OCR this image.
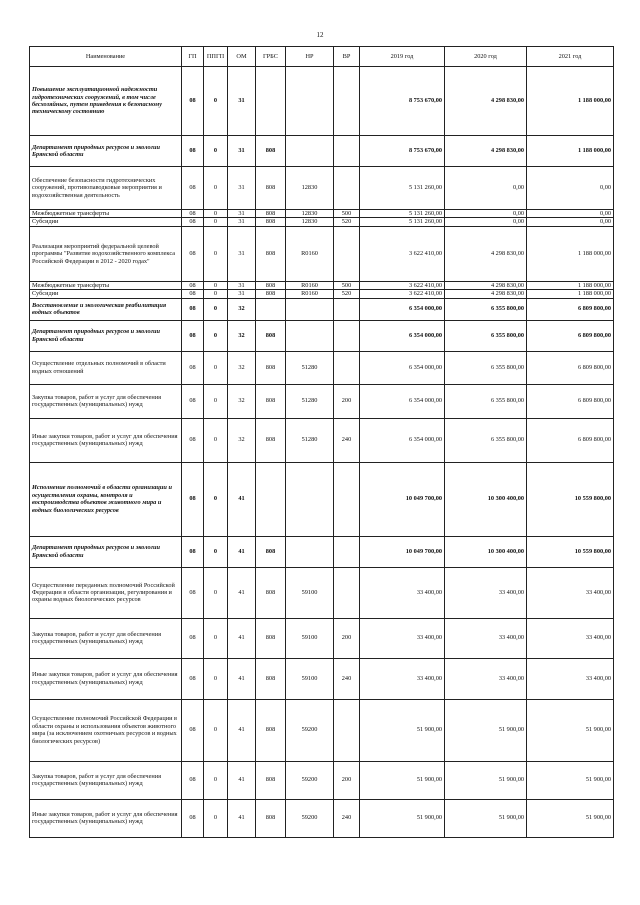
12
Наименование	ГП	ППГП	ОМ	ГРБС	НР	ВР	2019 год	2020 год	2021 год
Повышение эксплуатационной надежности гидротехнических сооружений, в том числе бесхозяйных, путем приведения к безопасному техническому состоянию	08	0	31				8 753 670,00	4 298 830,00	1 188 000,00
Департамент природных ресурсов и экологии Брянской области	08	0	31	808			8 753 670,00	4 298 830,00	1 188 000,00
Обеспечение безопасности гидротехнических сооружений, противопаводковые мероприятия и водохозяйственная деятельность	08	0	31	808	12830		5 131 260,00	0,00	0,00
Межбюджетные трансферты	08	0	31	808	12830	500	5 131 260,00	0,00	0,00
Субсидии	08	0	31	808	12830	520	5 131 260,00	0,00	0,00
Реализация мероприятий федеральной целевой программы "Развитие водохозяйственного комплекса Российской Федерации в 2012 - 2020 годах"	08	0	31	808	R0160		3 622 410,00	4 298 830,00	1 188 000,00
Межбюджетные трансферты	08	0	31	808	R0160	500	3 622 410,00	4 298 830,00	1 188 000,00
Субсидии	08	0	31	808	R0160	520	3 622 410,00	4 298 830,00	1 188 000,00
Восстановление и экологическая реабилитация водных объектов	08	0	32				6 354 000,00	6 355 800,00	6 809 800,00
Департамент природных ресурсов и экологии Брянской области	08	0	32	808			6 354 000,00	6 355 800,00	6 809 800,00
Осуществление отдельных полномочий в области водных отношений	08	0	32	808	51280		6 354 000,00	6 355 800,00	6 809 800,00
Закупка товаров, работ и услуг для обеспечения государственных (муниципальных) нужд	08	0	32	808	51280	200	6 354 000,00	6 355 800,00	6 809 800,00
Иные закупки товаров, работ и услуг для обеспечения государственных (муниципальных) нужд	08	0	32	808	51280	240	6 354 000,00	6 355 800,00	6 809 800,00
Исполнение полномочий в области организации и осуществления охраны, контроля и воспроизводства объектов животного мира и водных биологических ресурсов	08	0	41				10 049 700,00	10 300 400,00	10 559 800,00
Департамент природных ресурсов и экологии Брянской области	08	0	41	808			10 049 700,00	10 300 400,00	10 559 800,00
Осуществление переданных полномочий Российской Федерации в области организации, регулирования и охраны водных биологических ресурсов	08	0	41	808	59100		33 400,00	33 400,00	33 400,00
Закупка товаров, работ и услуг для обеспечения государственных (муниципальных) нужд	08	0	41	808	59100	200	33 400,00	33 400,00	33 400,00
Иные закупки товаров, работ и услуг для обеспечения государственных (муниципальных) нужд	08	0	41	808	59100	240	33 400,00	33 400,00	33 400,00
Осуществление полномочий Российской Федерации в области охраны и использования объектов животного мира (за исключением охотничьих ресурсов и водных биологических ресурсов)	08	0	41	808	59200		51 900,00	51 900,00	51 900,00
Закупка товаров, работ и услуг для обеспечения государственных (муниципальных) нужд	08	0	41	808	59200	200	51 900,00	51 900,00	51 900,00
Иные закупки товаров, работ и услуг для обеспечения государственных (муниципальных) нужд	08	0	41	808	59200	240	51 900,00	51 900,00	51 900,00
